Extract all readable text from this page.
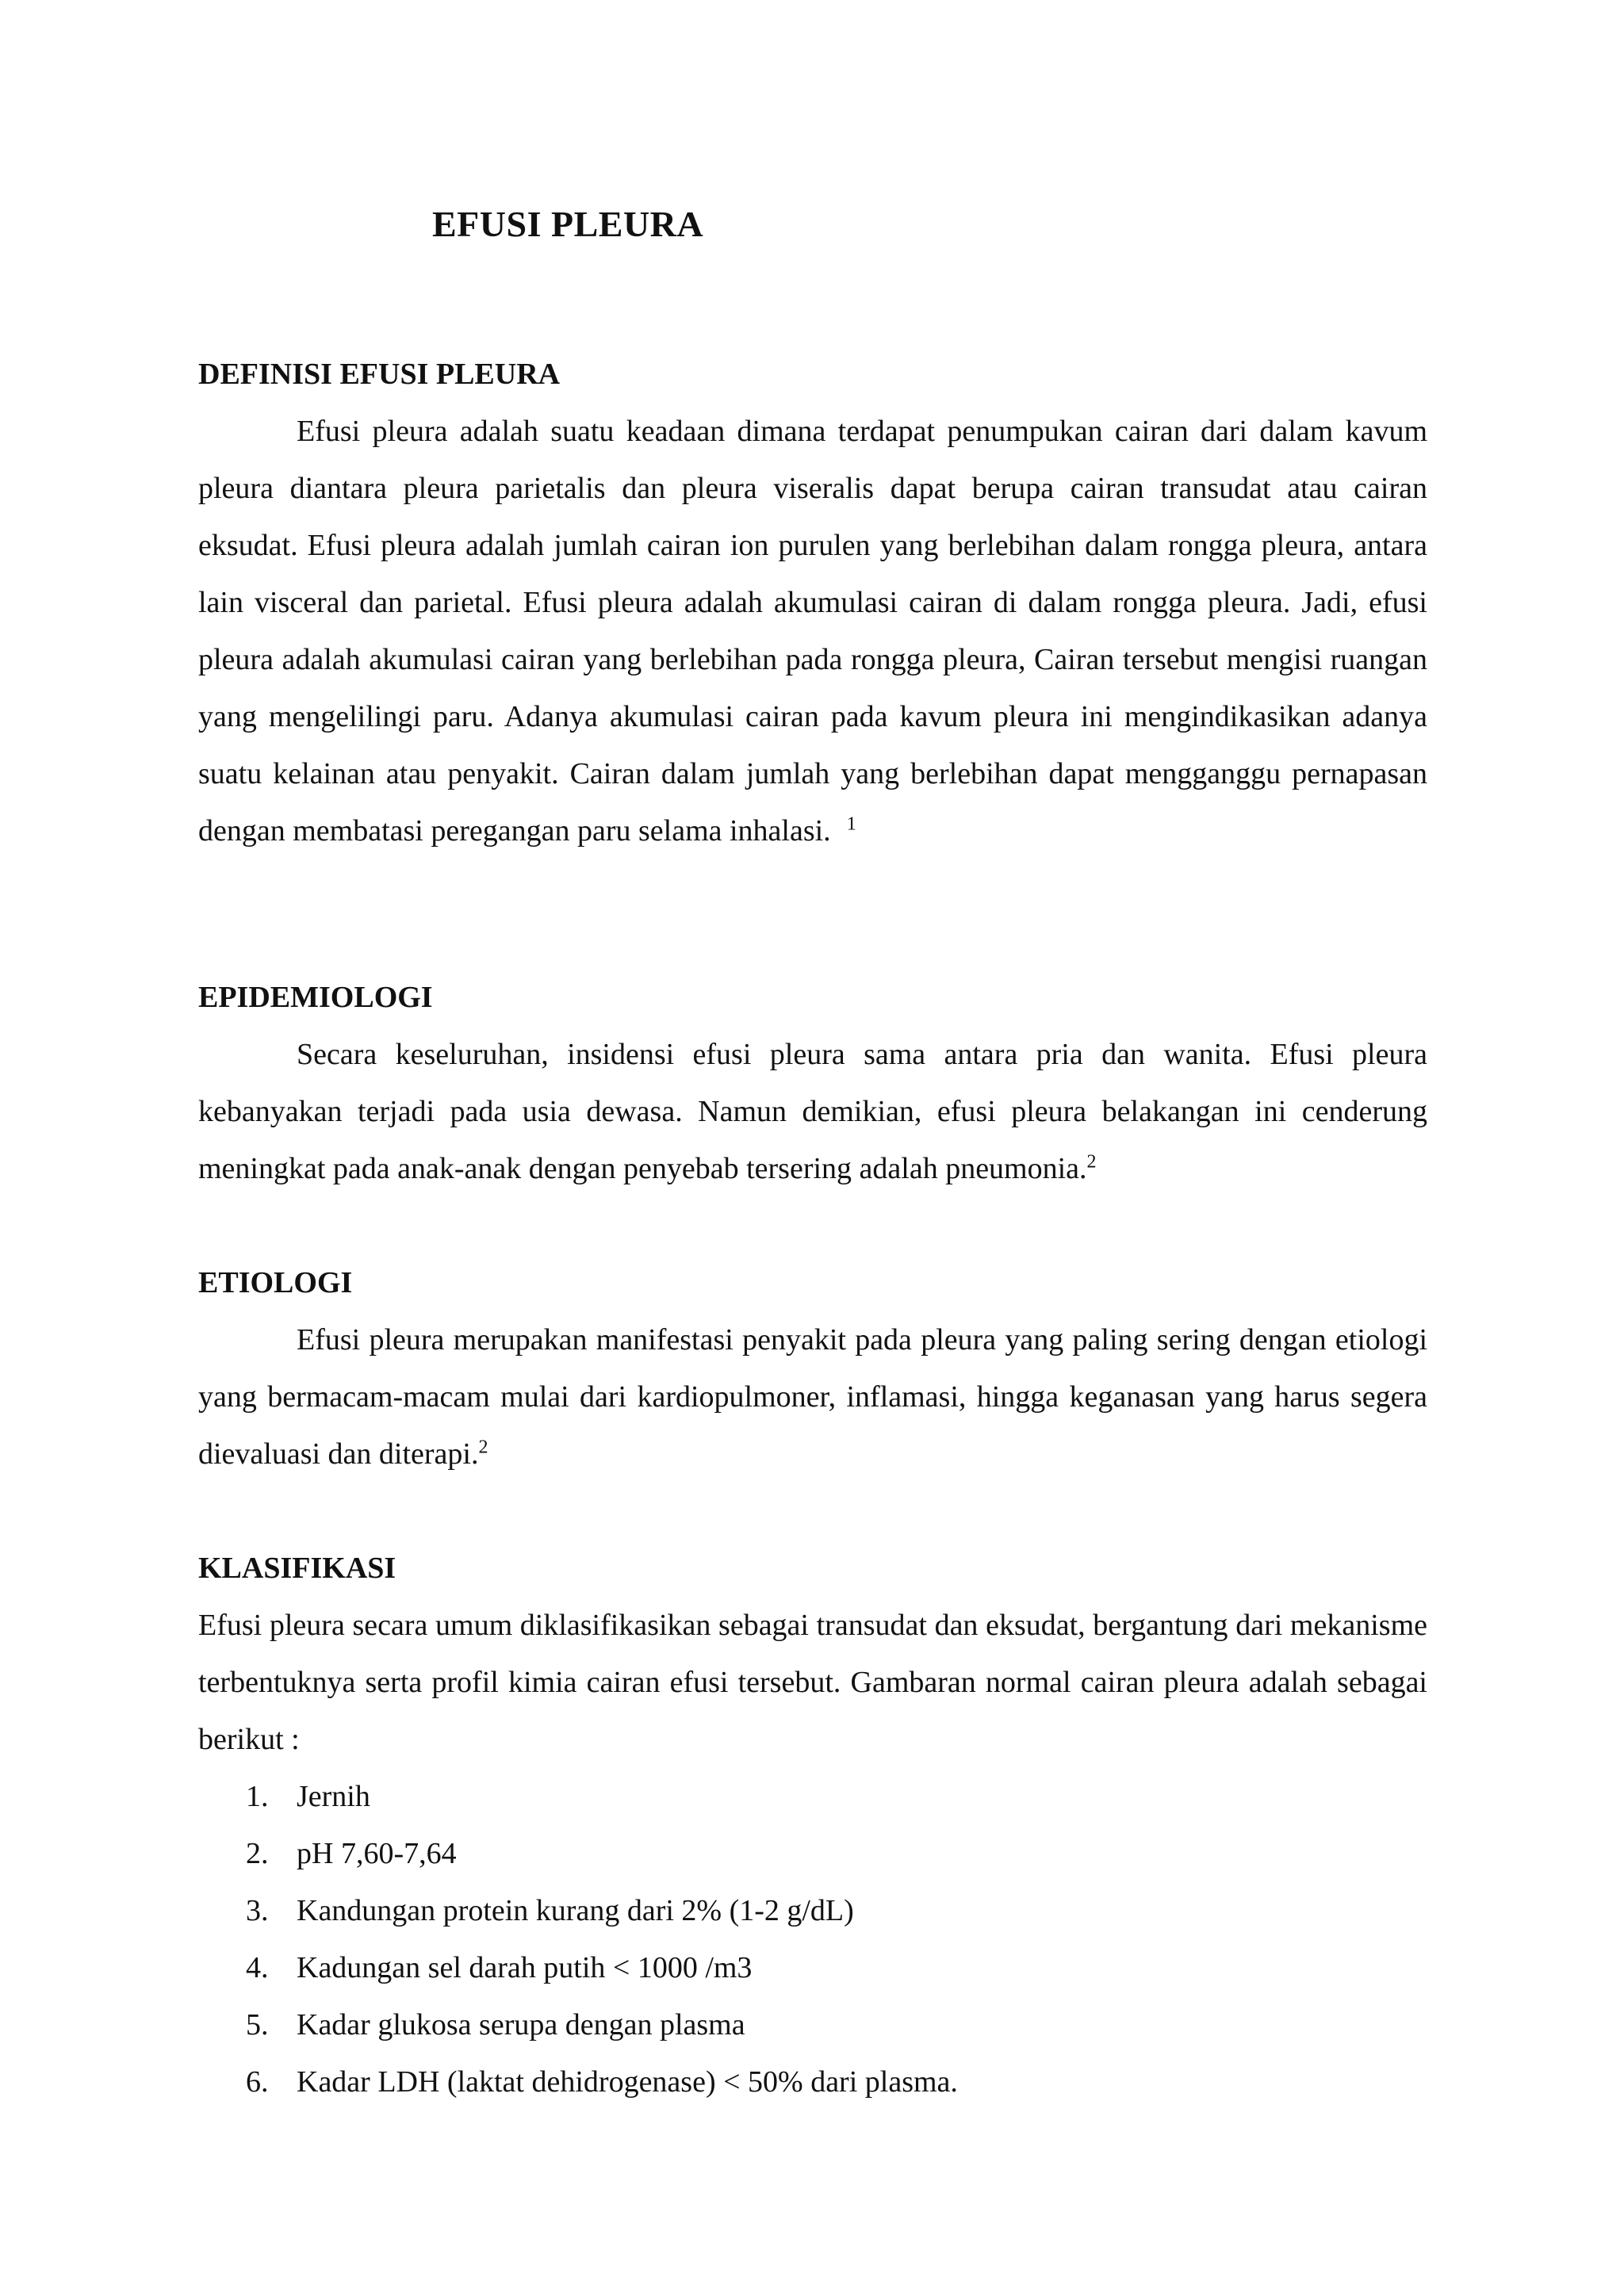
EFUSI PLEURA
DEFINISI EFUSI PLEURA

Efusi pleura adalah suatu keadaan dimana terdapat penumpukan cairan dari dalam kavum pleura diantara pleura parietalis dan pleura viseralis dapat berupa cairan transudat atau cairan eksudat. Efusi pleura adalah jumlah cairan ion purulen yang berlebihan dalam rongga pleura, antara lain visceral dan parietal. Efusi pleura adalah akumulasi cairan di dalam rongga pleura. Jadi, efusi pleura adalah akumulasi cairan yang berlebihan pada rongga pleura, Cairan tersebut mengisi ruangan yang mengelilingi paru. Adanya akumulasi cairan pada kavum pleura ini mengindikasikan adanya suatu kelainan atau penyakit. Cairan dalam jumlah yang berlebihan dapat mengganggu pernapasan dengan membatasi peregangan paru selama inhalasi. $^1$

EPIDEMIOLOGI

Secara keseluruhan, insidensi efusi pleura sama antara pria dan wanita. Efusi pleura kebanyakan terjadi pada usia dewasa. Namun demikian, efusi pleura belakangan ini cenderung meningkat pada anak-anak dengan penyebab tersering adalah pneumonia.$^2$

ETIOLOGI

Efusi pleura merupakan manifestasi penyakit pada pleura yang paling sering dengan etiologi yang bermacam-macam mulai dari kardiopulmoner, inflamasi, hingga keganasan yang harus segera dievaluasi dan diterapi.$^2$

KLASIFIKASI

Efusi pleura secara umum diklasifikasikan sebagai transudat dan eksudat, bergantung dari mekanisme terbentuknya serta profil kimia cairan efusi tersebut. Gambaran normal cairan pleura adalah sebagai berikut :

1. Jernih
2. pH 7,60-7,64
3. Kandungan protein kurang dari 2% (1-2 g/dL)
4. Kadungan sel darah putih < 1000 /m3
5. Kadar glukosa serupa dengan plasma
6. Kadar LDH (laktat dehidrogenase) < 50% dari plasma.
